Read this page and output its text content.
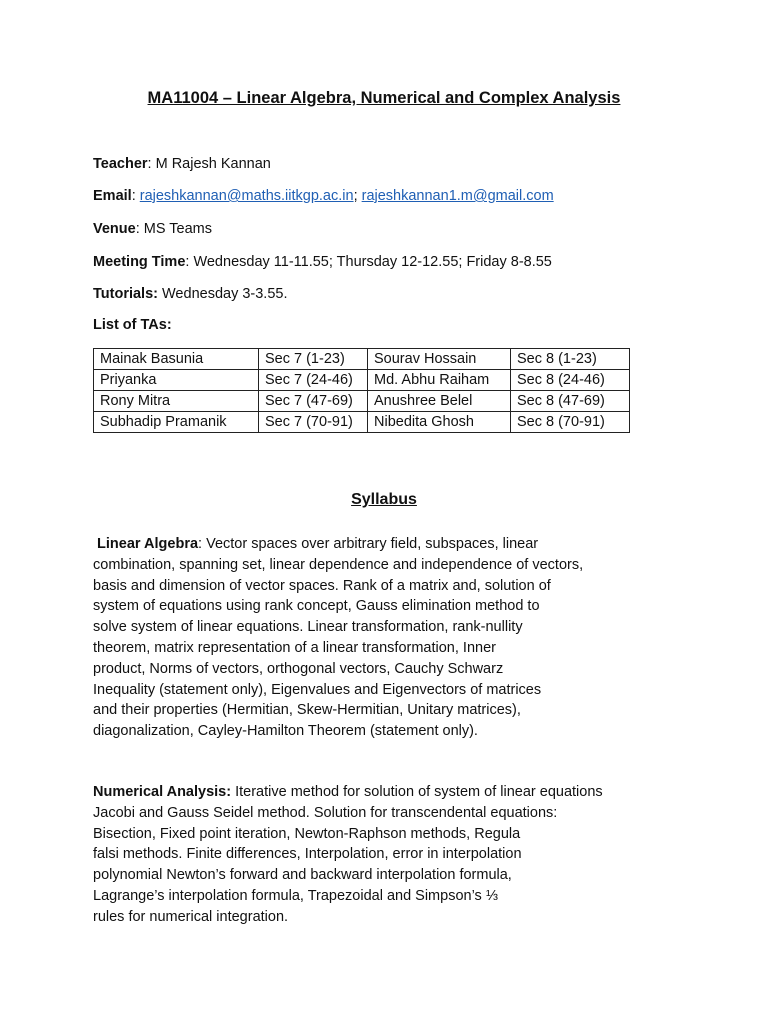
MA11004 – Linear Algebra, Numerical and Complex Analysis
Teacher: M Rajesh Kannan
Email: rajeshkannan@maths.iitkgp.ac.in; rajeshkannan1.m@gmail.com
Venue: MS Teams
Meeting Time: Wednesday 11-11.55; Thursday 12-12.55; Friday 8-8.55
Tutorials: Wednesday 3-3.55.
List of TAs:
Mainak Basunia	Sec 7 (1-23)	Sourav Hossain	Sec 8 (1-23)
Priyanka	Sec 7 (24-46)	Md. Abhu Raiham	Sec 8 (24-46)
Rony Mitra	Sec 7 (47-69)	Anushree Belel	Sec 8 (47-69)
Subhadip Pramanik	Sec 7 (70-91)	Nibedita Ghosh	Sec 8 (70-91)
Syllabus
Linear Algebra: Vector spaces over arbitrary field, subspaces, linear
combination, spanning set, linear dependence and independence of vectors,
basis and dimension of vector spaces. Rank of a matrix and, solution of
system of equations using rank concept, Gauss elimination method to
solve system of linear equations. Linear transformation, rank-nullity
theorem, matrix representation of a linear transformation, Inner
product, Norms of vectors, orthogonal vectors, Cauchy Schwarz
Inequality (statement only), Eigenvalues and Eigenvectors of matrices
and their properties (Hermitian, Skew-Hermitian, Unitary matrices),
diagonalization, Cayley-Hamilton Theorem (statement only).
Numerical Analysis: Iterative method for solution of system of linear equations
Jacobi and Gauss Seidel method. Solution for transcendental equations:
Bisection, Fixed point iteration, Newton-Raphson methods, Regula
falsi methods. Finite differences, Interpolation, error in interpolation
polynomial Newton’s forward and backward interpolation formula,
Lagrange’s interpolation formula, Trapezoidal and Simpson’s ⅓
rules for numerical integration.
